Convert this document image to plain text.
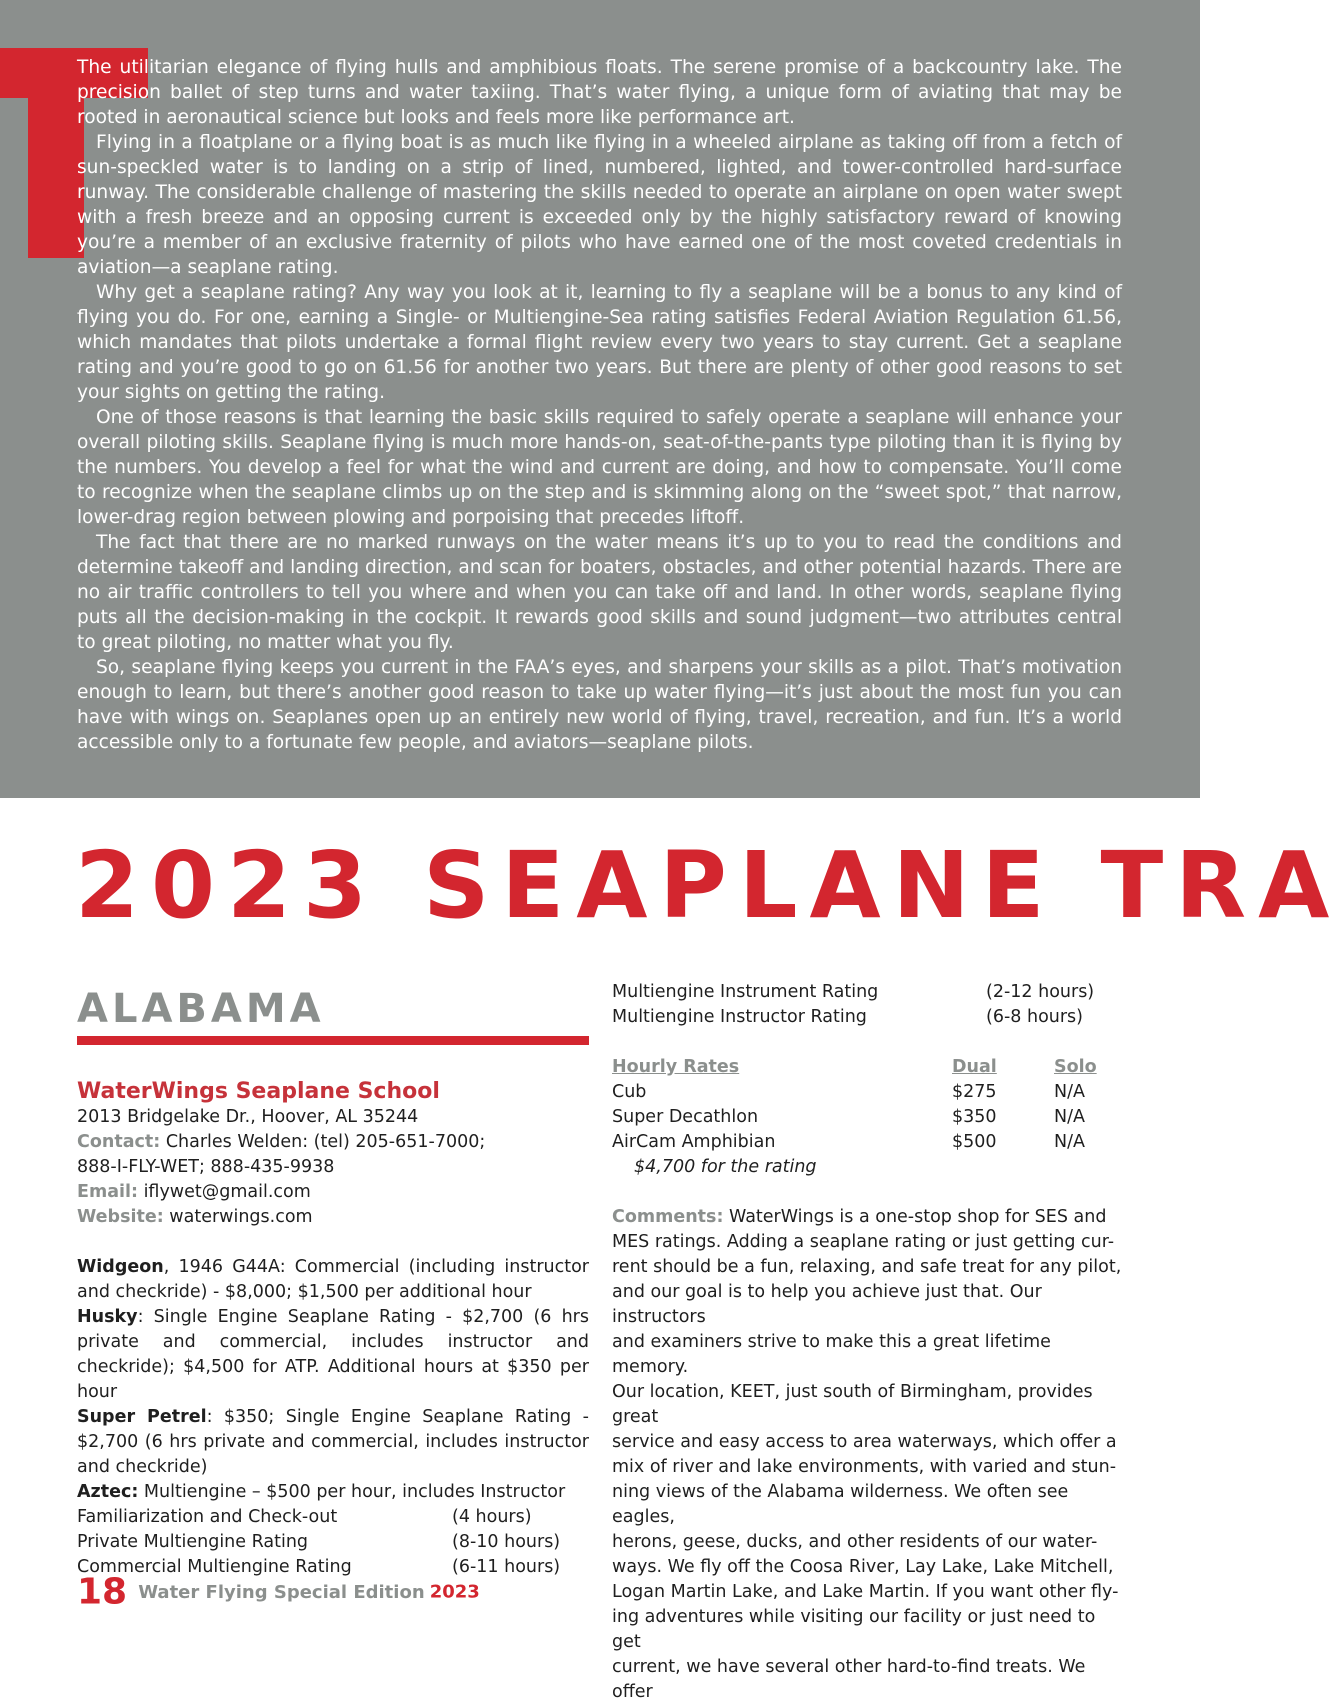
The utilitarian elegance of flying hulls and amphibious floats. The serene promise of a backcountry lake. The precision ballet of step turns and water taxiing. That’s water flying, a unique form of aviating that may be rooted in aeronautical science but looks and feels more like performance art.

Flying in a floatplane or a flying boat is as much like flying in a wheeled airplane as taking off from a fetch of sun-speckled water is to landing on a strip of lined, numbered, lighted, and tower-controlled hard-surface runway. The considerable challenge of mastering the skills needed to operate an airplane on open water swept with a fresh breeze and an opposing current is exceeded only by the highly satisfactory reward of knowing you’re a member of an exclusive fraternity of pilots who have earned one of the most coveted credentials in aviation—a seaplane rating.

Why get a seaplane rating? Any way you look at it, learning to fly a seaplane will be a bonus to any kind of flying you do. For one, earning a Single- or Multiengine-Sea rating satisfies Federal Aviation Regulation 61.56, which mandates that pilots undertake a formal flight review every two years to stay current. Get a seaplane rating and you’re good to go on 61.56 for another two years. But there are plenty of other good reasons to set your sights on getting the rating.

One of those reasons is that learning the basic skills required to safely operate a seaplane will enhance your overall piloting skills. Seaplane flying is much more hands-on, seat-of-the-pants type piloting than it is flying by the numbers. You develop a feel for what the wind and current are doing, and how to compensate. You’ll come to recognize when the seaplane climbs up on the step and is skimming along on the “sweet spot,” that narrow, lower-drag region between plowing and porpoising that precedes liftoff.

The fact that there are no marked runways on the water means it’s up to you to read the conditions and determine takeoff and landing direction, and scan for boaters, obstacles, and other potential hazards. There are no air traffic controllers to tell you where and when you can take off and land. In other words, seaplane flying puts all the decision-making in the cockpit. It rewards good skills and sound judgment—two attributes central to great piloting, no matter what you fly.

So, seaplane flying keeps you current in the FAA’s eyes, and sharpens your skills as a pilot. That’s motivation enough to learn, but there’s another good reason to take up water flying—it’s just about the most fun you can have with wings on. Seaplanes open up an entirely new world of flying, travel, recreation, and fun. It’s a world accessible only to a fortunate few people, and aviators—seaplane pilots.

2023 SEAPLANE TRA
ALABAMA
WaterWings Seaplane School
2013 Bridgelake Dr., Hoover, AL 35244
Contact: Charles Welden: (tel) 205-651-7000;
888-I-FLY-WET; 888-435-9938
Email: iflywet@gmail.com
Website: waterwings.com
Widgeon, 1946 G44A: Commercial (including instructor and checkride) - $8,000; $1,500 per additional hour
Husky: Single Engine Seaplane Rating - $2,700 (6 hrs private and commercial, includes instructor and checkride); $4,500 for ATP. Additional hours at $350 per hour
Super Petrel: $350; Single Engine Seaplane Rating - $2,700 (6 hrs private and commercial, includes instructor and checkride)
Aztec: Multiengine – $500 per hour, includes Instructor
Familiarization and Check-out	(4 hours)
Private Multiengine Rating	(8-10 hours)
Commercial Multiengine Rating	(6-11 hours)
Multiengine Instrument Rating	(2-12 hours)
Multiengine Instructor Rating	(6-8 hours)
Hourly Rates	Dual	Solo
Cub	$275	N/A
Super Decathlon	$350	N/A
AirCam Amphibian	$500	N/A
$4,700 for the rating
Comments: WaterWings is a one-stop shop for SES and
MES ratings. Adding a seaplane rating or just getting cur-
rent should be a fun, relaxing, and safe treat for any pilot,
and our goal is to help you achieve just that. Our instructors
and examiners strive to make this a great lifetime memory.
Our location, KEET, just south of Birmingham, provides great
service and easy access to area waterways, which offer a
mix of river and lake environments, with varied and stun-
ning views of the Alabama wilderness. We often see eagles,
herons, geese, ducks, and other residents of our water-
ways. We fly off the Coosa River, Lay Lake, Lake Mitchell,
Logan Martin Lake, and Lake Martin. If you want other fly-
ing adventures while visiting our facility or just need to get
current, we have several other hard-to-find treats. We offer
18 Water Flying Special Edition 2023
